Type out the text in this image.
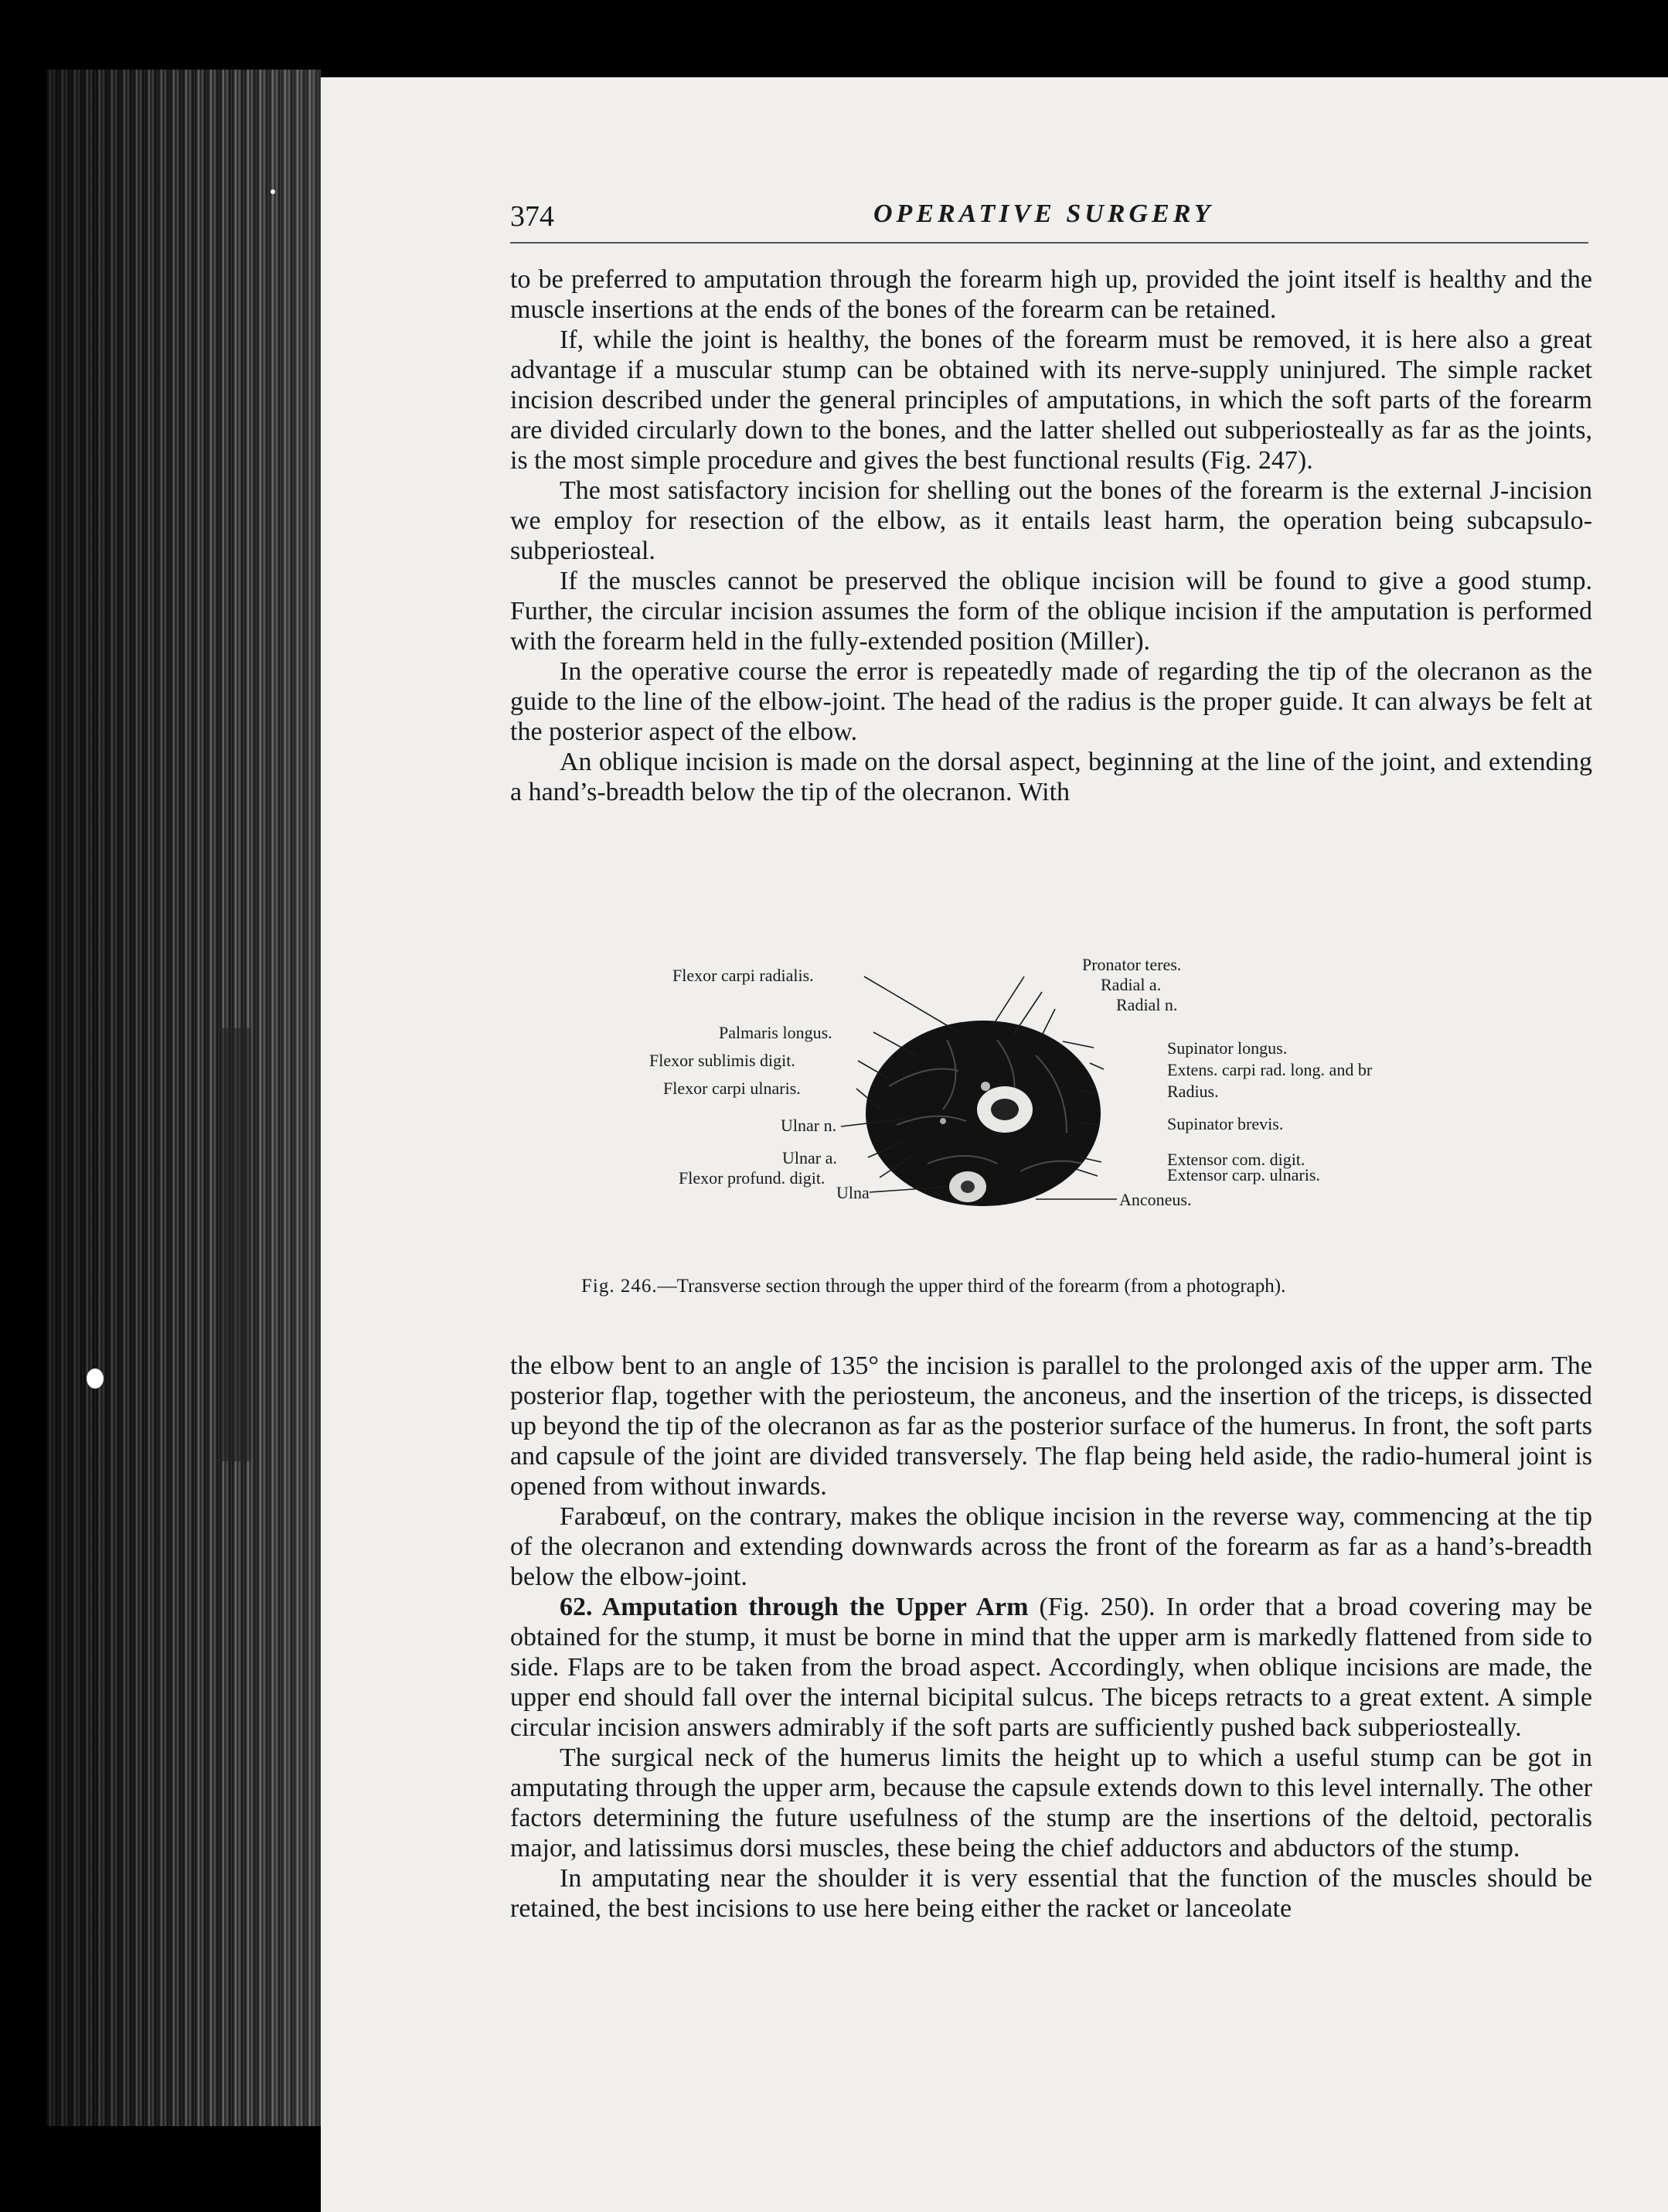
374	OPERATIVE SURGERY

to be preferred to amputation through the forearm high up, provided the joint itself is healthy and the muscle insertions at the ends of the bones of the forearm can be retained.

If, while the joint is healthy, the bones of the forearm must be removed, it is here also a great advantage if a muscular stump can be obtained with its nerve-supply uninjured. The simple racket incision described under the general principles of amputations, in which the soft parts of the forearm are divided circularly down to the bones, and the latter shelled out subperiosteally as far as the joints, is the most simple procedure and gives the best functional results (Fig. 247).

The most satisfactory incision for shelling out the bones of the forearm is the external J-incision we employ for resection of the elbow, as it entails least harm, the operation being subcapsulo-subperiosteal.

If the muscles cannot be preserved the oblique incision will be found to give a good stump. Further, the circular incision assumes the form of the oblique incision if the amputation is performed with the forearm held in the fully-extended position (Miller).

In the operative course the error is repeatedly made of regarding the tip of the olecranon as the guide to the line of the elbow-joint. The head of the radius is the proper guide. It can always be felt at the posterior aspect of the elbow.

An oblique incision is made on the dorsal aspect, beginning at the line of the joint, and extending a hand’s-breadth below the tip of the olecranon. With

Flexor carpi radialis.
Palmaris longus.
Flexor sublimis digit.
Flexor carpi ulnaris.
Ulnar n.
Ulnar a.
Flexor profund. digit.
Ulna
Pronator teres.
Radial a.
Radial n.
Supinator longus.
Extens. carpi rad. long. and br
Radius.
Supinator brevis.
Extensor com. digit.
Extensor carp. ulnaris.
Anconeus.
Fig. 246.—Transverse section through the upper third of the forearm (from a photograph).

the elbow bent to an angle of 135° the incision is parallel to the prolonged axis of the upper arm. The posterior flap, together with the periosteum, the anconeus, and the insertion of the triceps, is dissected up beyond the tip of the olecranon as far as the posterior surface of the humerus. In front, the soft parts and capsule of the joint are divided transversely. The flap being held aside, the radio-humeral joint is opened from without inwards.

Farabœuf, on the contrary, makes the oblique incision in the reverse way, commencing at the tip of the olecranon and extending downwards across the front of the forearm as far as a hand’s-breadth below the elbow-joint.

62. Amputation through the Upper Arm (Fig. 250). In order that a broad covering may be obtained for the stump, it must be borne in mind that the upper arm is markedly flattened from side to side. Flaps are to be taken from the broad aspect. Accordingly, when oblique incisions are made, the upper end should fall over the internal bicipital sulcus. The biceps retracts to a great extent. A simple circular incision answers admirably if the soft parts are sufficiently pushed back subperiosteally.

The surgical neck of the humerus limits the height up to which a useful stump can be got in amputating through the upper arm, because the capsule extends down to this level internally. The other factors determining the future usefulness of the stump are the insertions of the deltoid, pectoralis major, and latissimus dorsi muscles, these being the chief adductors and abductors of the stump.

In amputating near the shoulder it is very essential that the function of the muscles should be retained, the best incisions to use here being either the racket or lanceolate
